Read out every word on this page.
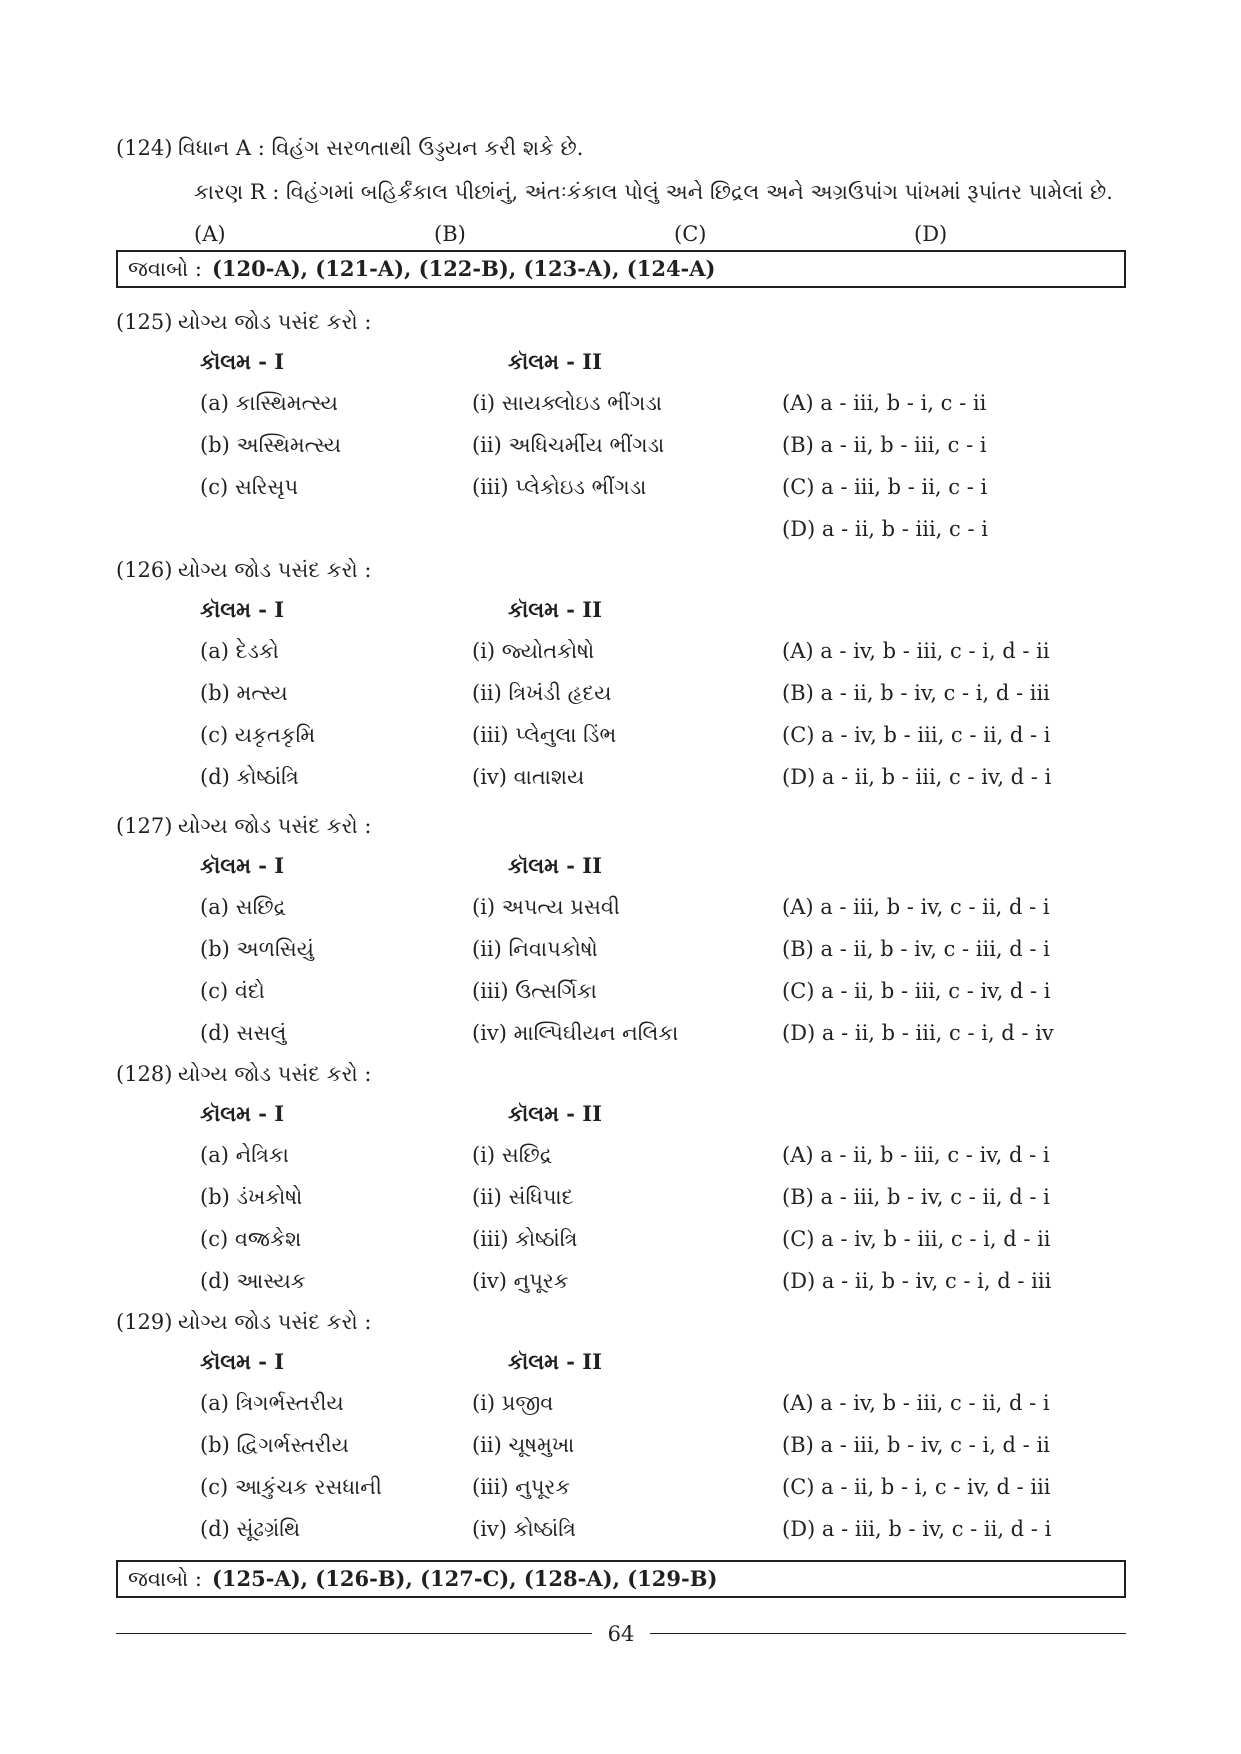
(124) વિધાન A : વિહંગ સરળતાથી ઉડ્ડયન કરી શકે છે.
કારણ R : વિહંગમાં બહિર્કંકાલ પીછાંનું, અંતઃકંકાલ પોલું અને છિદ્રલ અને અગ્રઉપાંગ પાંખમાં રૂપાંતર પામેલાં છે.
(A)	(B)	(C)	(D)
જવાબો : (120-A), (121-A), (122-B), (123-A), (124-A)
(125) યોગ્ય જોડ પસંદ કરો :
કૉલમ - I	કૉલમ - II
(a) કાસ્થિમત્સ્ય	(i) સાયક્લોઇડ ભીંગડા	(A) a - iii, b - i, c - ii
(b) અસ્થિમત્સ્ય	(ii) અધિચર્મીય ભીંગડા	(B) a - ii, b - iii, c - i
(c) સરિસૃપ	(iii) પ્લેકોઇડ ભીંગડા	(C) a - iii, b - ii, c - i
(D) a - ii, b - iii, c - i
(126) યોગ્ય જોડ પસંદ કરો :
કૉલમ - I	કૉલમ - II
(a) દેડકો	(i) જ્યોતકોષો	(A) a - iv, b - iii, c - i, d - ii
(b) મત્સ્ય	(ii) ત્રિખંડી હૃદય	(B) a - ii, b - iv, c - i, d - iii
(c) યકૃતકૃમિ	(iii) પ્લેનુલા ડિંભ	(C) a - iv, b - iii, c - ii, d - i
(d) કોષ્ઠાંત્રિ	(iv) વાતાશય	(D) a - ii, b - iii, c - iv, d - i
(127) યોગ્ય જોડ પસંદ કરો :
કૉલમ - I	કૉલમ - II
(a) સછિદ્ર	(i) અપત્ય પ્રસવી	(A) a - iii, b - iv, c - ii, d - i
(b) અળસિયું	(ii) નિવાપકોષો	(B) a - ii, b - iv, c - iii, d - i
(c) વંદો	(iii) ઉત્સર્ગિકા	(C) a - ii, b - iii, c - iv, d - i
(d) સસલું	(iv) માલ્પિઘીયન નલિકા	(D) a - ii, b - iii, c - i, d - iv
(128) યોગ્ય જોડ પસંદ કરો :
કૉલમ - I	કૉલમ - II
(a) નેત્રિકા	(i) સછિદ્ર	(A) a - ii, b - iii, c - iv, d - i
(b) ડંખકોષો	(ii) સંધિપાદ	(B) a - iii, b - iv, c - ii, d - i
(c) વજ્રકેશ	(iii) કોષ્ઠાંત્રિ	(C) a - iv, b - iii, c - i, d - ii
(d) આસ્યક	(iv) નુપૂરક	(D) a - ii, b - iv, c - i, d - iii
(129) યોગ્ય જોડ પસંદ કરો :
કૉલમ - I	કૉલમ - II
(a) ત્રિગર્ભસ્તરીય	(i) પ્રજીવ	(A) a - iv, b - iii, c - ii, d - i
(b) દ્વિગર્ભસ્તરીય	(ii) ચૂષમુખા	(B) a - iii, b - iv, c - i, d - ii
(c) આકુંચક રસધાની	(iii) નુપૂરક	(C) a - ii, b - i, c - iv, d - iii
(d) સૂંઢગ્રંથિ	(iv) કોષ્ઠાંત્રિ	(D) a - iii, b - iv, c - ii, d - i
જવાબો : (125-A), (126-B), (127-C), (128-A), (129-B)
64
